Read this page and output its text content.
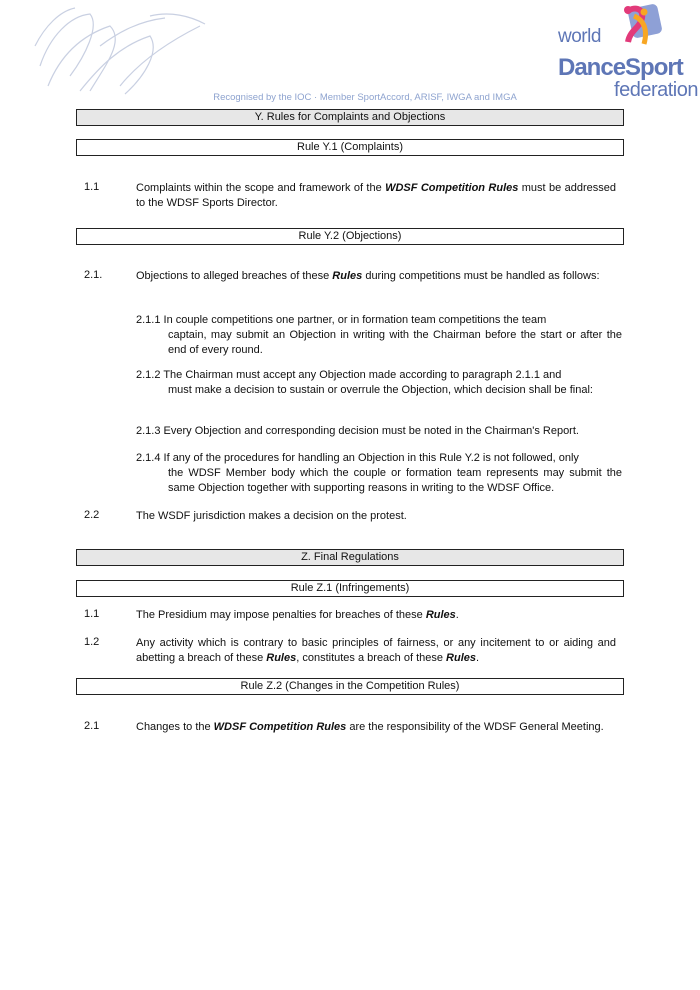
world
DanceSport
federation
Recognised by the IOC · Member SportAccord, ARISF, IWGA and IMGA
Y. Rules for Complaints and Objections
Rule Y.1 (Complaints)
1.1	Complaints within the scope and framework of the WDSF Competition Rules must be addressed to the WDSF Sports Director.
Rule Y.2 (Objections)
2.1.	Objections to alleged breaches of these Rules during competitions must be handled as follows:
2.1.1 In couple competitions one partner, or in formation team competitions the team
captain, may submit an Objection in writing with the Chairman before the start or after the end of every round.
2.1.2 The Chairman must accept any Objection made according to paragraph 2.1.1 and
must make a decision to sustain or overrule the Objection, which decision shall be final:
2.1.3 Every Objection and corresponding decision must be noted in the Chairman's Report.
2.1.4 If any of the procedures for handling an Objection in this Rule Y.2 is not followed, only
the WDSF Member body which the couple or formation team represents may submit the same Objection together with supporting reasons in writing to the WDSF Office.
2.2	The WSDF jurisdiction makes a decision on the protest.
Z. Final Regulations
Rule Z.1 (Infringements)
1.1	The Presidium may impose penalties for breaches of these Rules.
1.2	Any activity which is contrary to basic principles of fairness, or any incitement to or aiding and abetting a breach of these Rules, constitutes a breach of these Rules.
Rule Z.2 (Changes in the Competition Rules)
2.1	Changes to the WDSF Competition Rules are the responsibility of the WDSF General Meeting.
